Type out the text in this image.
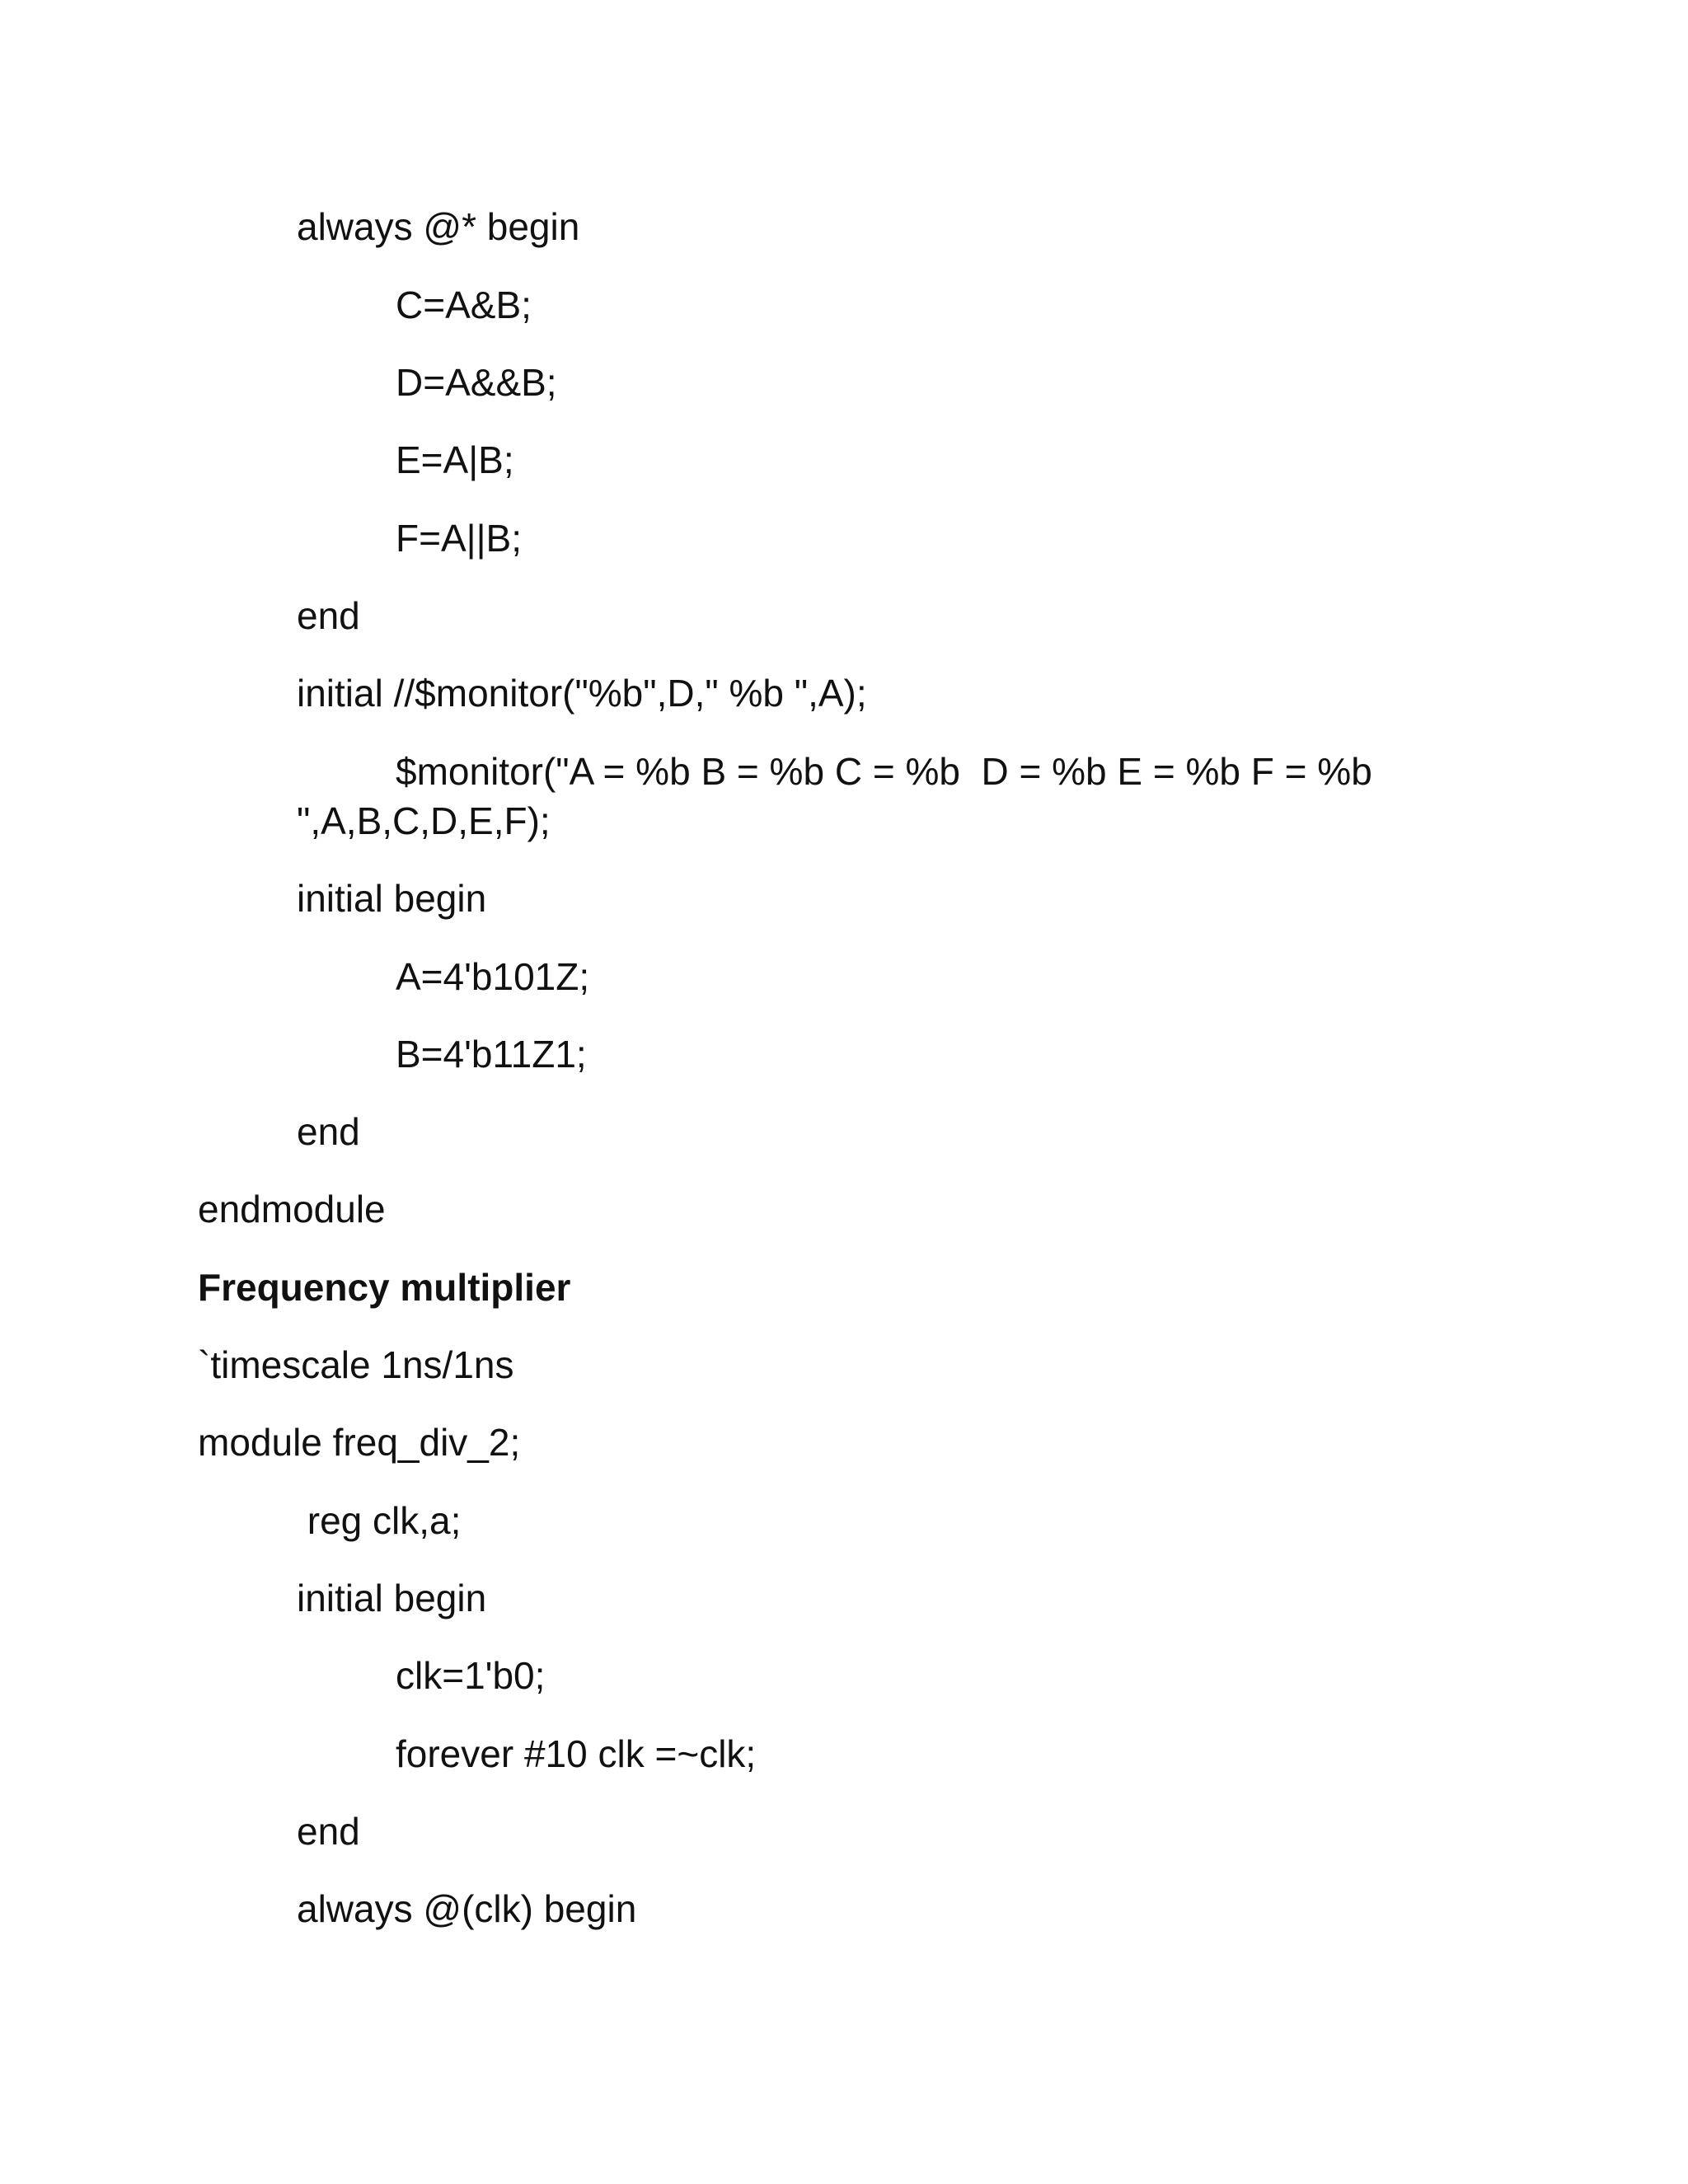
always @* begin
C=A&B;
D=A&&B;
E=A|B;
F=A||B;
end
initial //$monitor("%b",D," %b ",A);
$monitor("A = %b B = %b C = %b  D = %b E = %b F = %b
",A,B,C,D,E,F);
initial begin
A=4'b101Z;
B=4'b11Z1;
end
endmodule
Frequency multiplier
`timescale 1ns/1ns
module freq_div_2;
reg clk,a;
initial begin
clk=1'b0;
forever #10 clk =~clk;
end
always @(clk) begin
